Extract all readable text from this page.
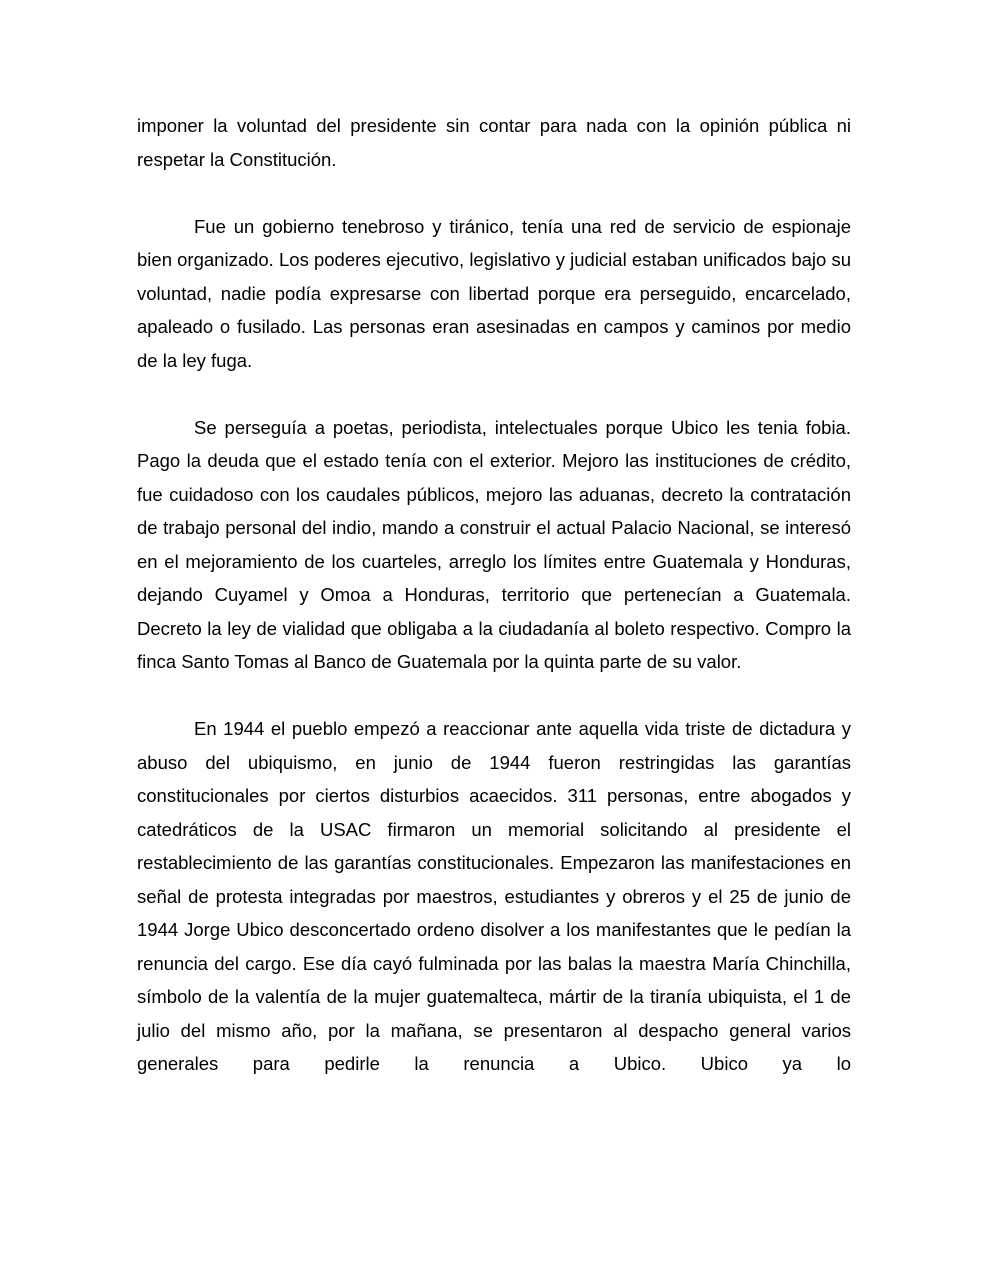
imponer la voluntad del presidente sin contar para nada con la opinión pública ni respetar la Constitución.

Fue un gobierno tenebroso y tiránico, tenía una red de servicio de espionaje bien organizado. Los poderes ejecutivo, legislativo y judicial estaban unificados bajo su voluntad, nadie podía expresarse con libertad porque era perseguido, encarcelado, apaleado o fusilado. Las personas eran asesinadas en campos y caminos por medio de la ley fuga.

Se perseguía a poetas, periodista, intelectuales porque Ubico les tenia fobia. Pago la deuda que el estado tenía con el exterior. Mejoro las instituciones de crédito, fue cuidadoso con los caudales públicos, mejoro las aduanas, decreto la contratación de trabajo personal del indio, mando a construir el actual Palacio Nacional, se interesó en el mejoramiento de los cuarteles, arreglo los límites entre Guatemala y Honduras, dejando Cuyamel y Omoa a Honduras, territorio que pertenecían a Guatemala. Decreto la ley de vialidad que obligaba a la ciudadanía al boleto respectivo. Compro la finca Santo Tomas al Banco de Guatemala por la quinta parte de su valor.

En 1944 el pueblo empezó a reaccionar ante aquella vida triste de dictadura y abuso del ubiquismo, en junio de 1944 fueron restringidas las garantías constitucionales por ciertos disturbios acaecidos. 311 personas, entre abogados y catedráticos de la USAC firmaron un memorial solicitando al presidente el restablecimiento de las garantías constitucionales. Empezaron las manifestaciones en señal de protesta integradas por maestros, estudiantes y obreros y el 25 de junio de 1944 Jorge Ubico desconcertado ordeno disolver a los manifestantes que le pedían la renuncia del cargo. Ese día cayó fulminada por las balas la maestra María Chinchilla, símbolo de la valentía de la mujer guatemalteca, mártir de la tiranía ubiquista, el 1 de julio del mismo año, por la mañana, se presentaron al despacho general varios generales para pedirle la renuncia a Ubico. Ubico ya lo
